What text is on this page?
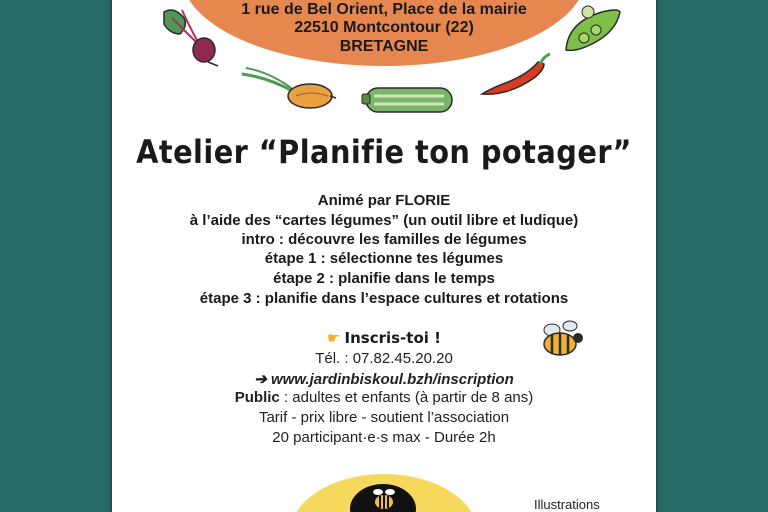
1 rue de Bel Orient, Place de la mairie
22510 Montcontour (22)
BRETAGNE
Atelier “Planifie ton potager”
Animé par FLORIE
à l’aide des “cartes légumes” (un outil libre et ludique)
intro : découvre les familles de légumes
étape 1 : sélectionne tes légumes
étape 2 : planifie dans le temps
étape 3 : planifie dans l’espace cultures et rotations
☛ Inscris-toi !
Tél. : 07.82.45.20.20
➔ www.jardinbiskoul.bzh/inscription
Public : adultes et enfants (à partir de 8 ans)
Tarif - prix libre - soutient l’association
20 participant·e·s max - Durée 2h
Illustrations
